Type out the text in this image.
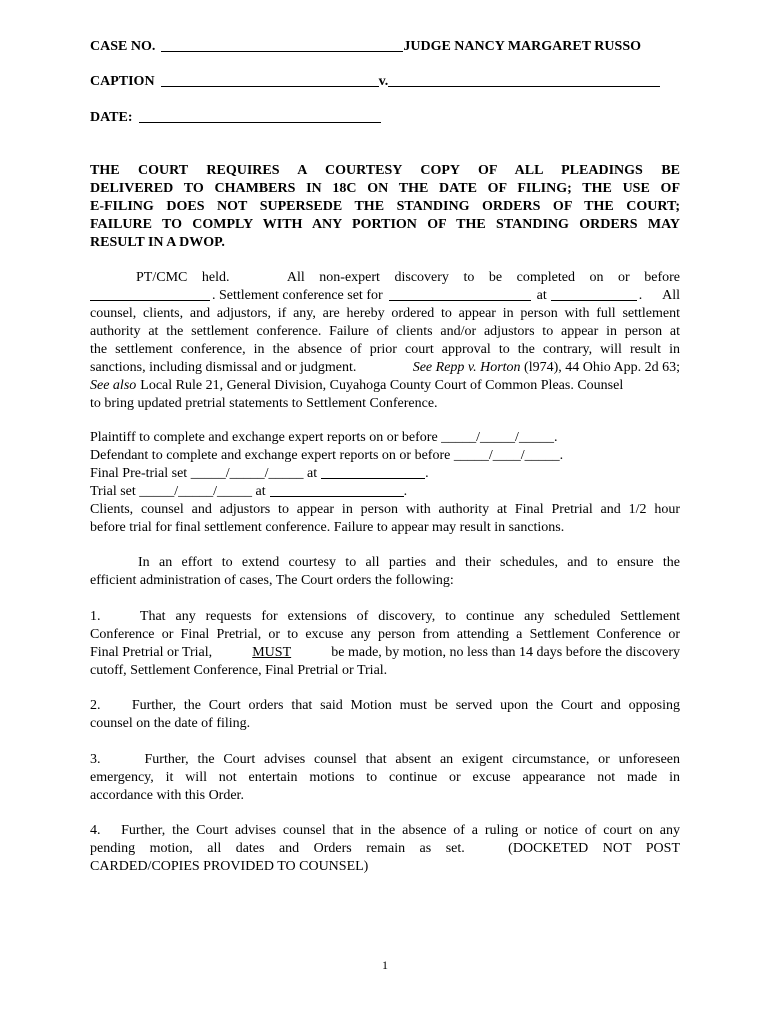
CASE NO.	JUDGE NANCY MARGARET RUSSO
CAPTION	v.
DATE:
THE COURT REQUIRES A COURTESY COPY OF ALL PLEADINGS BE
DELIVERED TO CHAMBERS IN 18C ON THE DATE OF FILING; THE USE OF
E-FILING DOES NOT SUPERSEDE THE STANDING ORDERS OF THE COURT;
FAILURE TO COMPLY WITH ANY PORTION OF THE STANDING ORDERS MAY
RESULT IN A DWOP.
PT/CMC held.    All non-expert discovery to be completed on or before
. Settlement conference set for	at	. All
counsel, clients, and adjustors, if any, are hereby ordered to appear in person with full settlement
authority at the settlement conference. Failure of clients and/or adjustors to appear in person at
the settlement conference, in the absence of prior court approval to the contrary, will result in
sanctions, including dismissal and or judgment.	See Repp v. Horton (l974), 44 Ohio App. 2d 63;
See also Local Rule 21, General Division, Cuyahoga County Court of Common Pleas. Counsel
to bring updated pretrial statements to Settlement Conference.
Plaintiff to complete and exchange expert reports on or before _____/_____/_____.
Defendant to complete and exchange expert reports on or before _____/____/_____.
Final Pre-trial set _____/_____/_____ at	.
Trial set _____/_____/_____ at	.
Clients, counsel and adjustors to appear in person with authority at Final Pretrial and 1/2 hour
before trial for final settlement conference. Failure to appear may result in sanctions.
In an effort to extend courtesy to all parties and their schedules, and to ensure the
efficient administration of cases, The Court orders the following:
1.    That any requests for extensions of discovery, to continue any scheduled Settlement
Conference or Final Pretrial, or to excuse any person from attending a Settlement Conference or
Final Pretrial or Trial,	MUST	be made, by motion, no less than 14 days before the discovery
cutoff, Settlement Conference, Final Pretrial or Trial.
2.    Further, the Court orders that said Motion must be served upon the Court and opposing
counsel on the date of filing.
3.     Further, the Court advises counsel that absent an exigent circumstance, or unforeseen
emergency, it will not entertain motions to continue or excuse appearance not made in
accordance with this Order.
4.   Further, the Court advises counsel that in the absence of a ruling or notice of court on any
pending motion, all dates and Orders remain as set.   (DOCKETED NOT POST
CARDED/COPIES PROVIDED TO COUNSEL)
1
